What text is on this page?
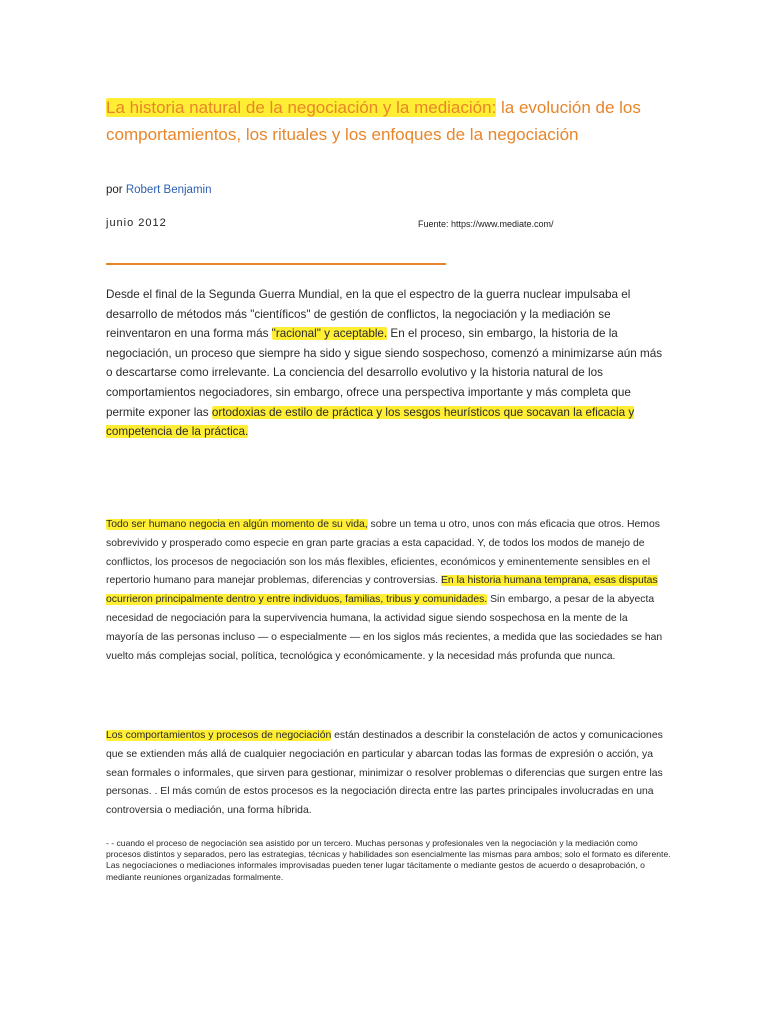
La historia natural de la negociación y la mediación: la evolución de los comportamientos, los rituales y los enfoques de la negociación

por Robert Benjamin

junio 2012	Fuente: https://www.mediate.com/

Desde el final de la Segunda Guerra Mundial, en la que el espectro de la guerra nuclear impulsaba el desarrollo de métodos más "científicos" de gestión de conflictos, la negociación y la mediación se reinventaron en una forma más "racional" y aceptable. En el proceso, sin embargo, la historia de la negociación, un proceso que siempre ha sido y sigue siendo sospechoso, comenzó a minimizarse aún más o descartarse como irrelevante. La conciencia del desarrollo evolutivo y la historia natural de los comportamientos negociadores, sin embargo, ofrece una perspectiva importante y más completa que permite exponer las ortodoxias de estilo de práctica y los sesgos heurísticos que socavan la eficacia y competencia de la práctica.

Todo ser humano negocia en algún momento de su vida, sobre un tema u otro, unos con más eficacia que otros. Hemos sobrevivido y prosperado como especie en gran parte gracias a esta capacidad. Y, de todos los modos de manejo de conflictos, los procesos de negociación son los más flexibles, eficientes, económicos y eminentemente sensibles en el repertorio humano para manejar problemas, diferencias y controversias. En la historia humana temprana, esas disputas ocurrieron principalmente dentro y entre individuos, familias, tribus y comunidades. Sin embargo, a pesar de la abyecta necesidad de negociación para la supervivencia humana, la actividad sigue siendo sospechosa en la mente de la mayoría de las personas incluso — o especialmente — en los siglos más recientes, a medida que las sociedades se han vuelto más complejas social, política, tecnológica y económicamente. y la necesidad más profunda que nunca.

Los comportamientos y procesos de negociación están destinados a describir la constelación de actos y comunicaciones que se extienden más allá de cualquier negociación en particular y abarcan todas las formas de expresión o acción, ya sean formales o informales, que sirven para gestionar, minimizar o resolver problemas o diferencias que surgen entre las personas. . El más común de estos procesos es la negociación directa entre las partes principales involucradas en una controversia o mediación, una forma híbrida.

- - cuando el proceso de negociación sea asistido por un tercero. Muchas personas y profesionales ven la negociación y la mediación como procesos distintos y separados, pero las estrategias, técnicas y habilidades son esencialmente las mismas para ambos; solo el formato es diferente. Las negociaciones o mediaciones informales improvisadas pueden tener lugar tácitamente o mediante gestos de acuerdo o desaprobación, o mediante reuniones organizadas formalmente.
